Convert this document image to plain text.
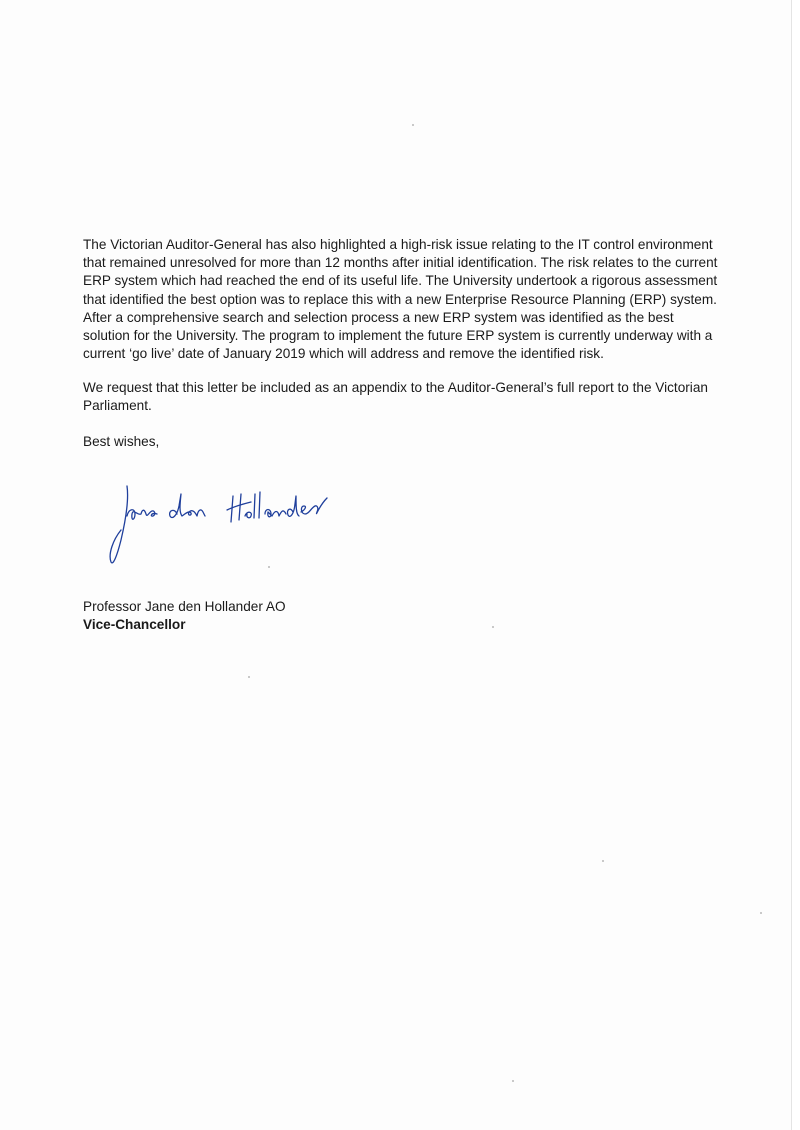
The Victorian Auditor-General has also highlighted a high-risk issue relating to the IT control environment that remained unresolved for more than 12 months after initial identification. The risk relates to the current ERP system which had reached the end of its useful life. The University undertook a rigorous assessment that identified the best option was to replace this with a new Enterprise Resource Planning (ERP) system. After a comprehensive search and selection process a new ERP system was identified as the best solution for the University. The program to implement the future ERP system is currently underway with a current ‘go live’ date of January 2019 which will address and remove the identified risk.

We request that this letter be included as an appendix to the Auditor-General’s full report to the Victorian Parliament.

Best wishes,

Professor Jane den Hollander AO

Vice-Chancellor
